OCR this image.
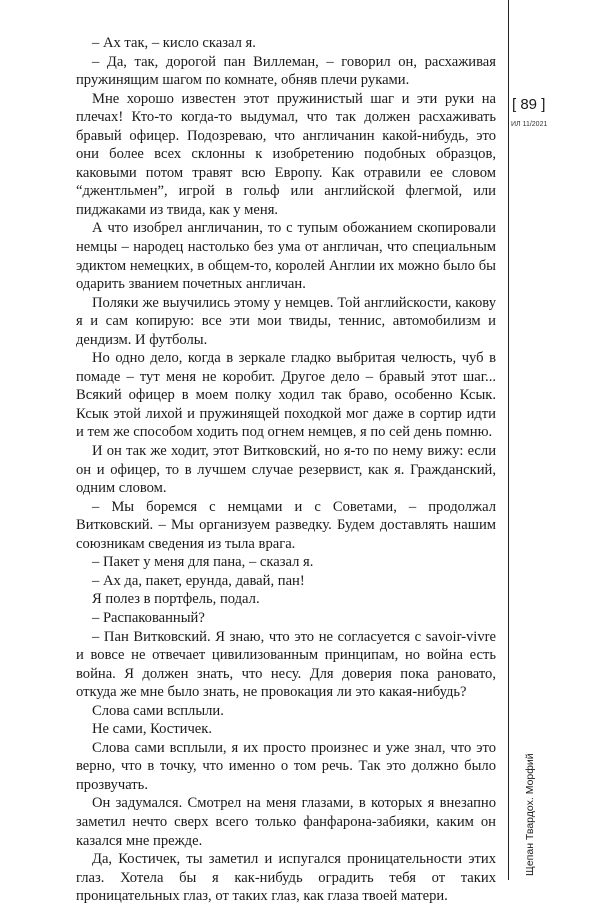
– Ах так, – кисло сказал я.

– Да, так, дорогой пан Виллеман, – говорил он, расхаживая пружинящим шагом по комнате, обняв плечи руками.

Мне хорошо известен этот пружинистый шаг и эти руки на плечах! Кто-то когда-то выдумал, что так должен расхаживать бравый офицер. Подозреваю, что англичанин какой-нибудь, это они более всех склонны к изобретению подобных образцов, каковыми потом травят всю Европу. Как отравили ее словом “джентльмен”, игрой в гольф или английской флегмой, или пиджаками из твида, как у меня.

А что изобрел англичанин, то с тупым обожанием скопировали немцы – народец настолько без ума от англичан, что специальным эдиктом немецких, в общем-то, королей Англии их можно было бы одарить званием почетных англичан.

Поляки же выучились этому у немцев. Той английскости, какову я и сам копирую: все эти мои твиды, теннис, автомобилизм и дендизм. И футболы.

Но одно дело, когда в зеркале гладко выбритая челюсть, чуб в помаде – тут меня не коробит. Другое дело – бравый этот шаг... Всякий офицер в моем полку ходил так браво, особенно Ксык. Ксык этой лихой и пружинящей походкой мог даже в сортир идти и тем же способом ходить под огнем немцев, я по сей день помню.

И он так же ходит, этот Витковский, но я-то по нему вижу: если он и офицер, то в лучшем случае резервист, как я. Гражданский, одним словом.

– Мы боремся с немцами и с Советами, – продолжал Витковский. – Мы организуем разведку. Будем доставлять нашим союзникам сведения из тыла врага.

– Пакет у меня для пана, – сказал я.

– Ах да, пакет, ерунда, давай, пан!

Я полез в портфель, подал.

– Распакованный?

– Пан Витковский. Я знаю, что это не согласуется с savoir-vivre и вовсе не отвечает цивилизованным принципам, но война есть война. Я должен знать, что несу. Для доверия пока рановато, откуда же мне было знать, не провокация ли это какая-нибудь?

Слова сами всплыли.

Не сами, Костичек.

Слова сами всплыли, я их просто произнес и уже знал, что это верно, что в точку, что именно о том речь. Так это должно было прозвучать.

Он задумался. Смотрел на меня глазами, в которых я внезапно заметил нечто сверх всего только фанфарона-забияки, каким он казался мне прежде.

Да, Костичек, ты заметил и испугался проницательности этих глаз. Хотела бы я как-нибудь оградить тебя от таких проницательных глаз, от таких глаз, как глаза твоей матери.

[ 89 ]
ИЛ 11/2021
Щепан Твардох. Морфий
